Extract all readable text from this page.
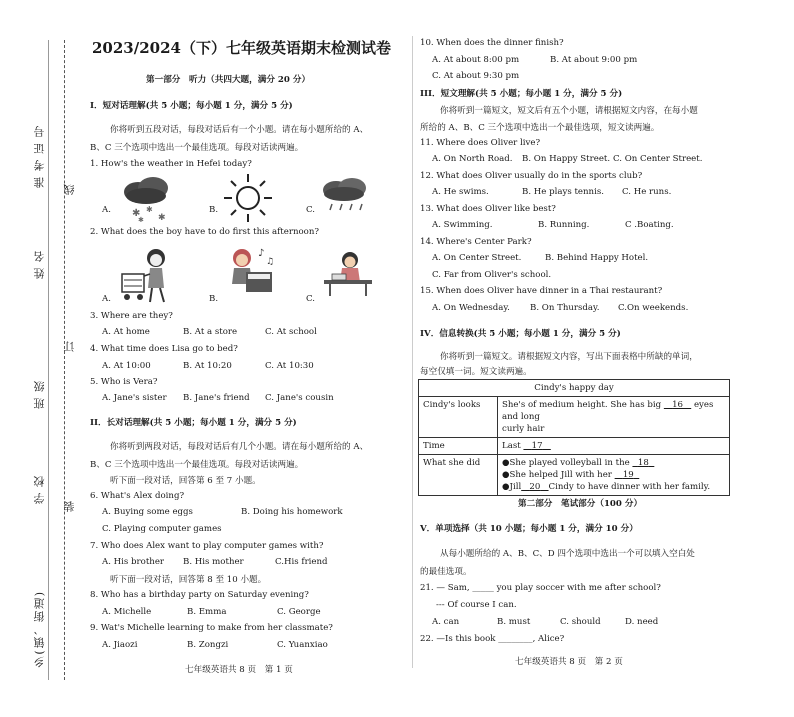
准考证号 线
姓名
订
班级
学校 装
乡(镇、街道)
2023/2024（下）七年级英语期末检测试卷
第一部分　听力（共四大题，满分 20 分）
I．短对话理解(共 5 小题；每小题 1 分，满分 5 分)
你将听到五段对话，每段对话后有一个小题。请在每小题所给的 A、
B、C 三个选项中选出一个最佳选项。每段对话读两遍。
1. How's the weather in Hefei today?
A.	B.	C.
✱ ✱
✱
✱
2. What does the boy have to do first this afternoon?
A.	B.	C.
♪
♫
3. Where are they?
A. At home	B. At a store	C. At school
4. What time does Lisa go to bed?
A. At 10:00	B. At 10:20	C. At 10:30
5. Who is Vera?
A. Jane's sister B. Jane's friend C. Jane's cousin
II．长对话理解(共 5 小题；每小题 1 分，满分 5 分)
你将听到两段对话，每段对话后有几个小题。请在每小题所给的 A、
B、C 三个选项中选出一个最佳选项。每段对话读两遍。
听下面一段对话，回答第 6 至 7 小题。
6. What's Alex doing?
A. Buying some eggs	B. Doing his homework
C. Playing computer games
7. Who does Alex want to play computer games with?
A. His brother B. His mother	C.His friend
听下面一段对话，回答第 8 至 10 小题。
8. Who has a birthday party on Saturday evening?
A. Michelle	B. Emma	C. George
9. Wat's Michelle learning to make from her classmate?
A. Jiaozi	B. Zongzi	C. Yuanxiao
七年级英语共 8 页　第 1 页
10. When does the dinner finish?
A. At about 8:00 pm	B. At about 9:00 pm
C. At about 9:30 pm
III．短文理解(共 5 小题；每小题 1 分，满分 5 分)
你将听到一篇短文，短文后有五个小题，请根据短文内容，在每小题
所给的 A、B、C 三个选项中选出一个最佳选项，短文读两遍。
11. Where does Oliver live?
A. On North Road. B. On Happy Street. C. On Center Street.
12. What does Oliver usually do in the sports club?
A. He swims.	B. He plays tennis. C. He runs.
13. What does Oliver like best?
A. Swimming.	B. Running.	C .Boating.
14. Where's Center Park?
A. On Center Street.	B. Behind Happy Hotel.
C. Far from Oliver's school.
15. When does Oliver have dinner in a Thai restaurant?
A. On Wednesday. B. On Thursday. C.On weekends.
IV．信息转换(共 5 小题；每小题 1 分，满分 5 分)
你将听到一篇短文。请根据短文内容，写出下面表格中所缺的单词，
每空仅填一词。短文读两遍。
Cindy's happy day	
Cindy's looks	She's of medium height. She has big 16 eyes and long
curly hair
Time	Last 17
What she did	●She played volleyball in the 18
●She helped Jill with her 19
●Jill 20 Cindy to have dinner with her family.
第二部分　笔试部分（100 分）
V．单项选择（共 10 小题；每小题 1 分，满分 10 分）
从每小题所给的 A、B、C、D 四个选项中选出一个可以填入空白处
的最佳选项。
21. — Sam, _____ you play soccer with me after school?
--- Of course I can.
A. can	B. must	C. should	D. need
22. —Is this book ________, Alice?
七年级英语共 8 页　第 2 页
